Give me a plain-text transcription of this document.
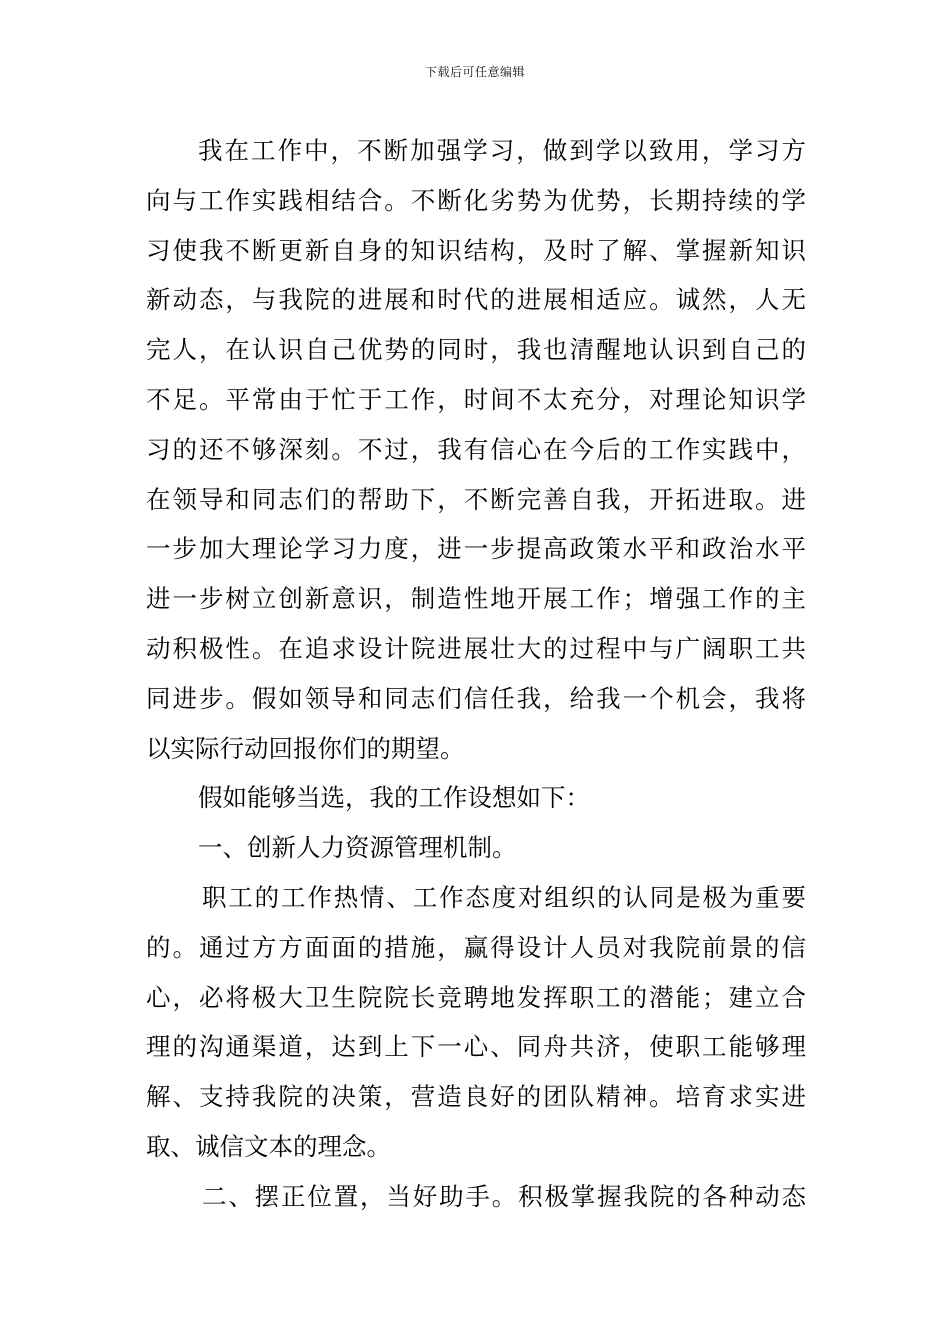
下载后可任意编辑
我在工作中，不断加强学习，做到学以致用，学习方
向与工作实践相结合。不断化劣势为优势，长期持续的学
习使我不断更新自身的知识结构，及时了解、掌握新知识
新动态，与我院的进展和时代的进展相适应。诚然，人无
完人，在认识自己优势的同时，我也清醒地认识到自己的
不足。平常由于忙于工作，时间不太充分，对理论知识学
习的还不够深刻。不过，我有信心在今后的工作实践中，
在领导和同志们的帮助下，不断完善自我，开拓进取。进
一步加大理论学习力度，进一步提高政策水平和政治水平
进一步树立创新意识，制造性地开展工作；增强工作的主
动积极性。在追求设计院进展壮大的过程中与广阔职工共
同进步。假如领导和同志们信任我，给我一个机会，我将
以实际行动回报你们的期望。
假如能够当选，我的工作设想如下：
一、创新人力资源管理机制。
职工的工作热情、工作态度对组织的认同是极为重要
的。通过方方面面的措施，赢得设计人员对我院前景的信
心，必将极大卫生院院长竞聘地发挥职工的潜能；建立合
理的沟通渠道，达到上下一心、同舟共济，使职工能够理
解、支持我院的决策，营造良好的团队精神。培育求实进
取、诚信文本的理念。
二、摆正位置，当好助手。积极掌握我院的各种动态
